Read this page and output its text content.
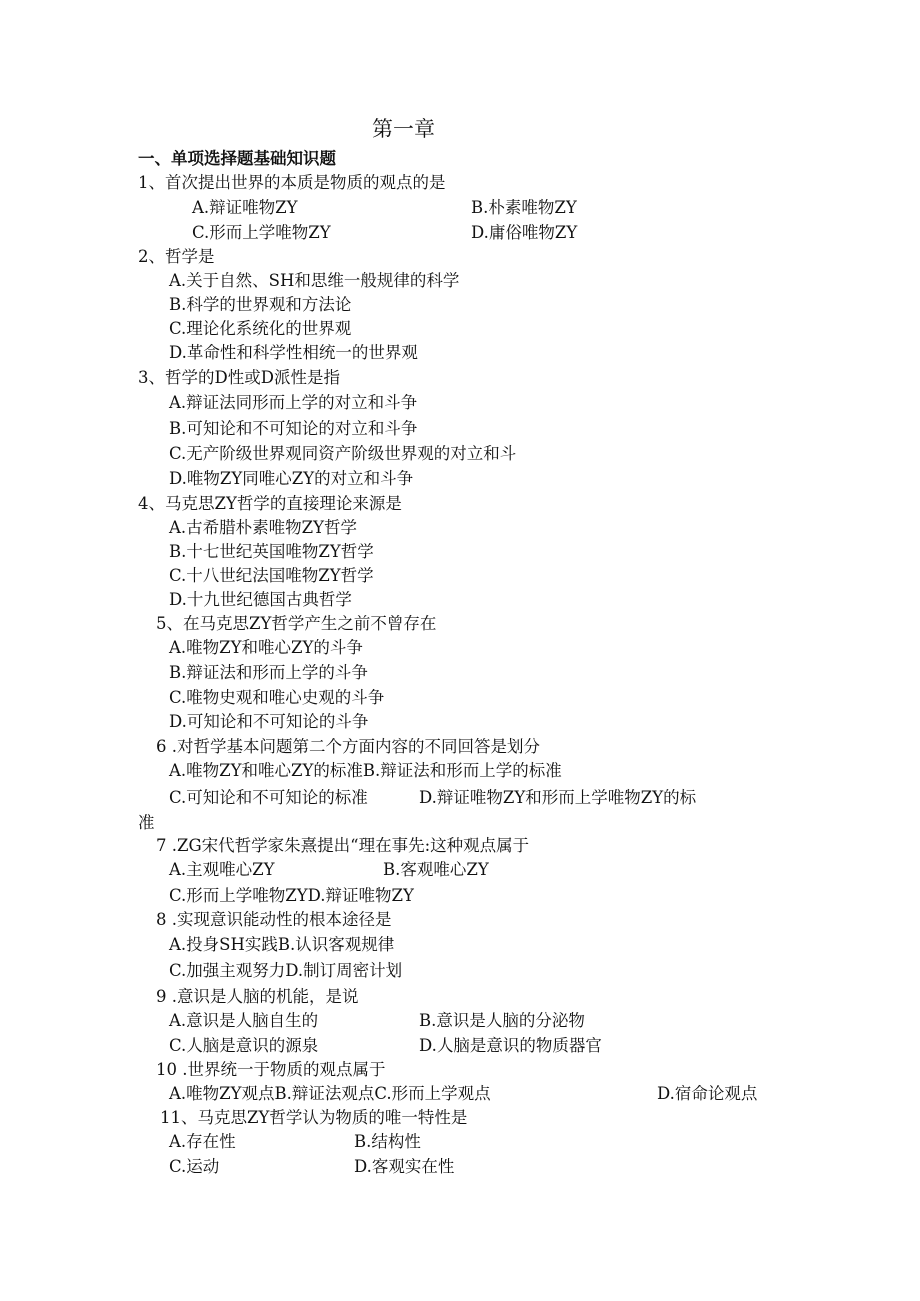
第一章
一、单项选择题基础知识题
1、首次提出世界的本质是物质的观点的是
A.辩证唯物ZY	B.朴素唯物ZY
C.形而上学唯物ZY	D.庸俗唯物ZY
2、哲学是
A.关于自然、SH和思维一般规律的科学
B.科学的世界观和方法论
C.理论化系统化的世界观
D.革命性和科学性相统一的世界观
3、哲学的D性或D派性是指
A.辩证法同形而上学的对立和斗争
B.可知论和不可知论的对立和斗争
C.无产阶级世界观同资产阶级世界观的对立和斗
D.唯物ZY同唯心ZY的对立和斗争
4、马克思ZY哲学的直接理论来源是
A.古希腊朴素唯物ZY哲学
B.十七世纪英国唯物ZY哲学
C.十八世纪法国唯物ZY哲学
D.十九世纪德国古典哲学
5、在马克思ZY哲学产生之前不曾存在
A.唯物ZY和唯心ZY的斗争
B.辩证法和形而上学的斗争
C.唯物史观和唯心史观的斗争
D.可知论和不可知论的斗争
6 .对哲学基本问题第二个方面内容的不同回答是划分
A.唯物ZY和唯心ZY的标准B.辩证法和形而上学的标准
C.可知论和不可知论的标准	D.辩证唯物ZY和形而上学唯物ZY的标
准
7 .ZG宋代哲学家朱熹提出“理在事先:这种观点属于
A.主观唯心ZY	B.客观唯心ZY
C.形而上学唯物ZYD.辩证唯物ZY
8 .实现意识能动性的根本途径是
A.投身SH实践B.认识客观规律
C.加强主观努力D.制订周密计划
9 .意识是人脑的机能，是说
A.意识是人脑自生的	B.意识是人脑的分泌物
C.人脑是意识的源泉	D.人脑是意识的物质器官
10 .世界统一于物质的观点属于
A.唯物ZY观点B.辩证法观点C.形而上学观点	D.宿命论观点
11、马克思ZY哲学认为物质的唯一特性是
A.存在性	B.结构性
C.运动	D.客观实在性
